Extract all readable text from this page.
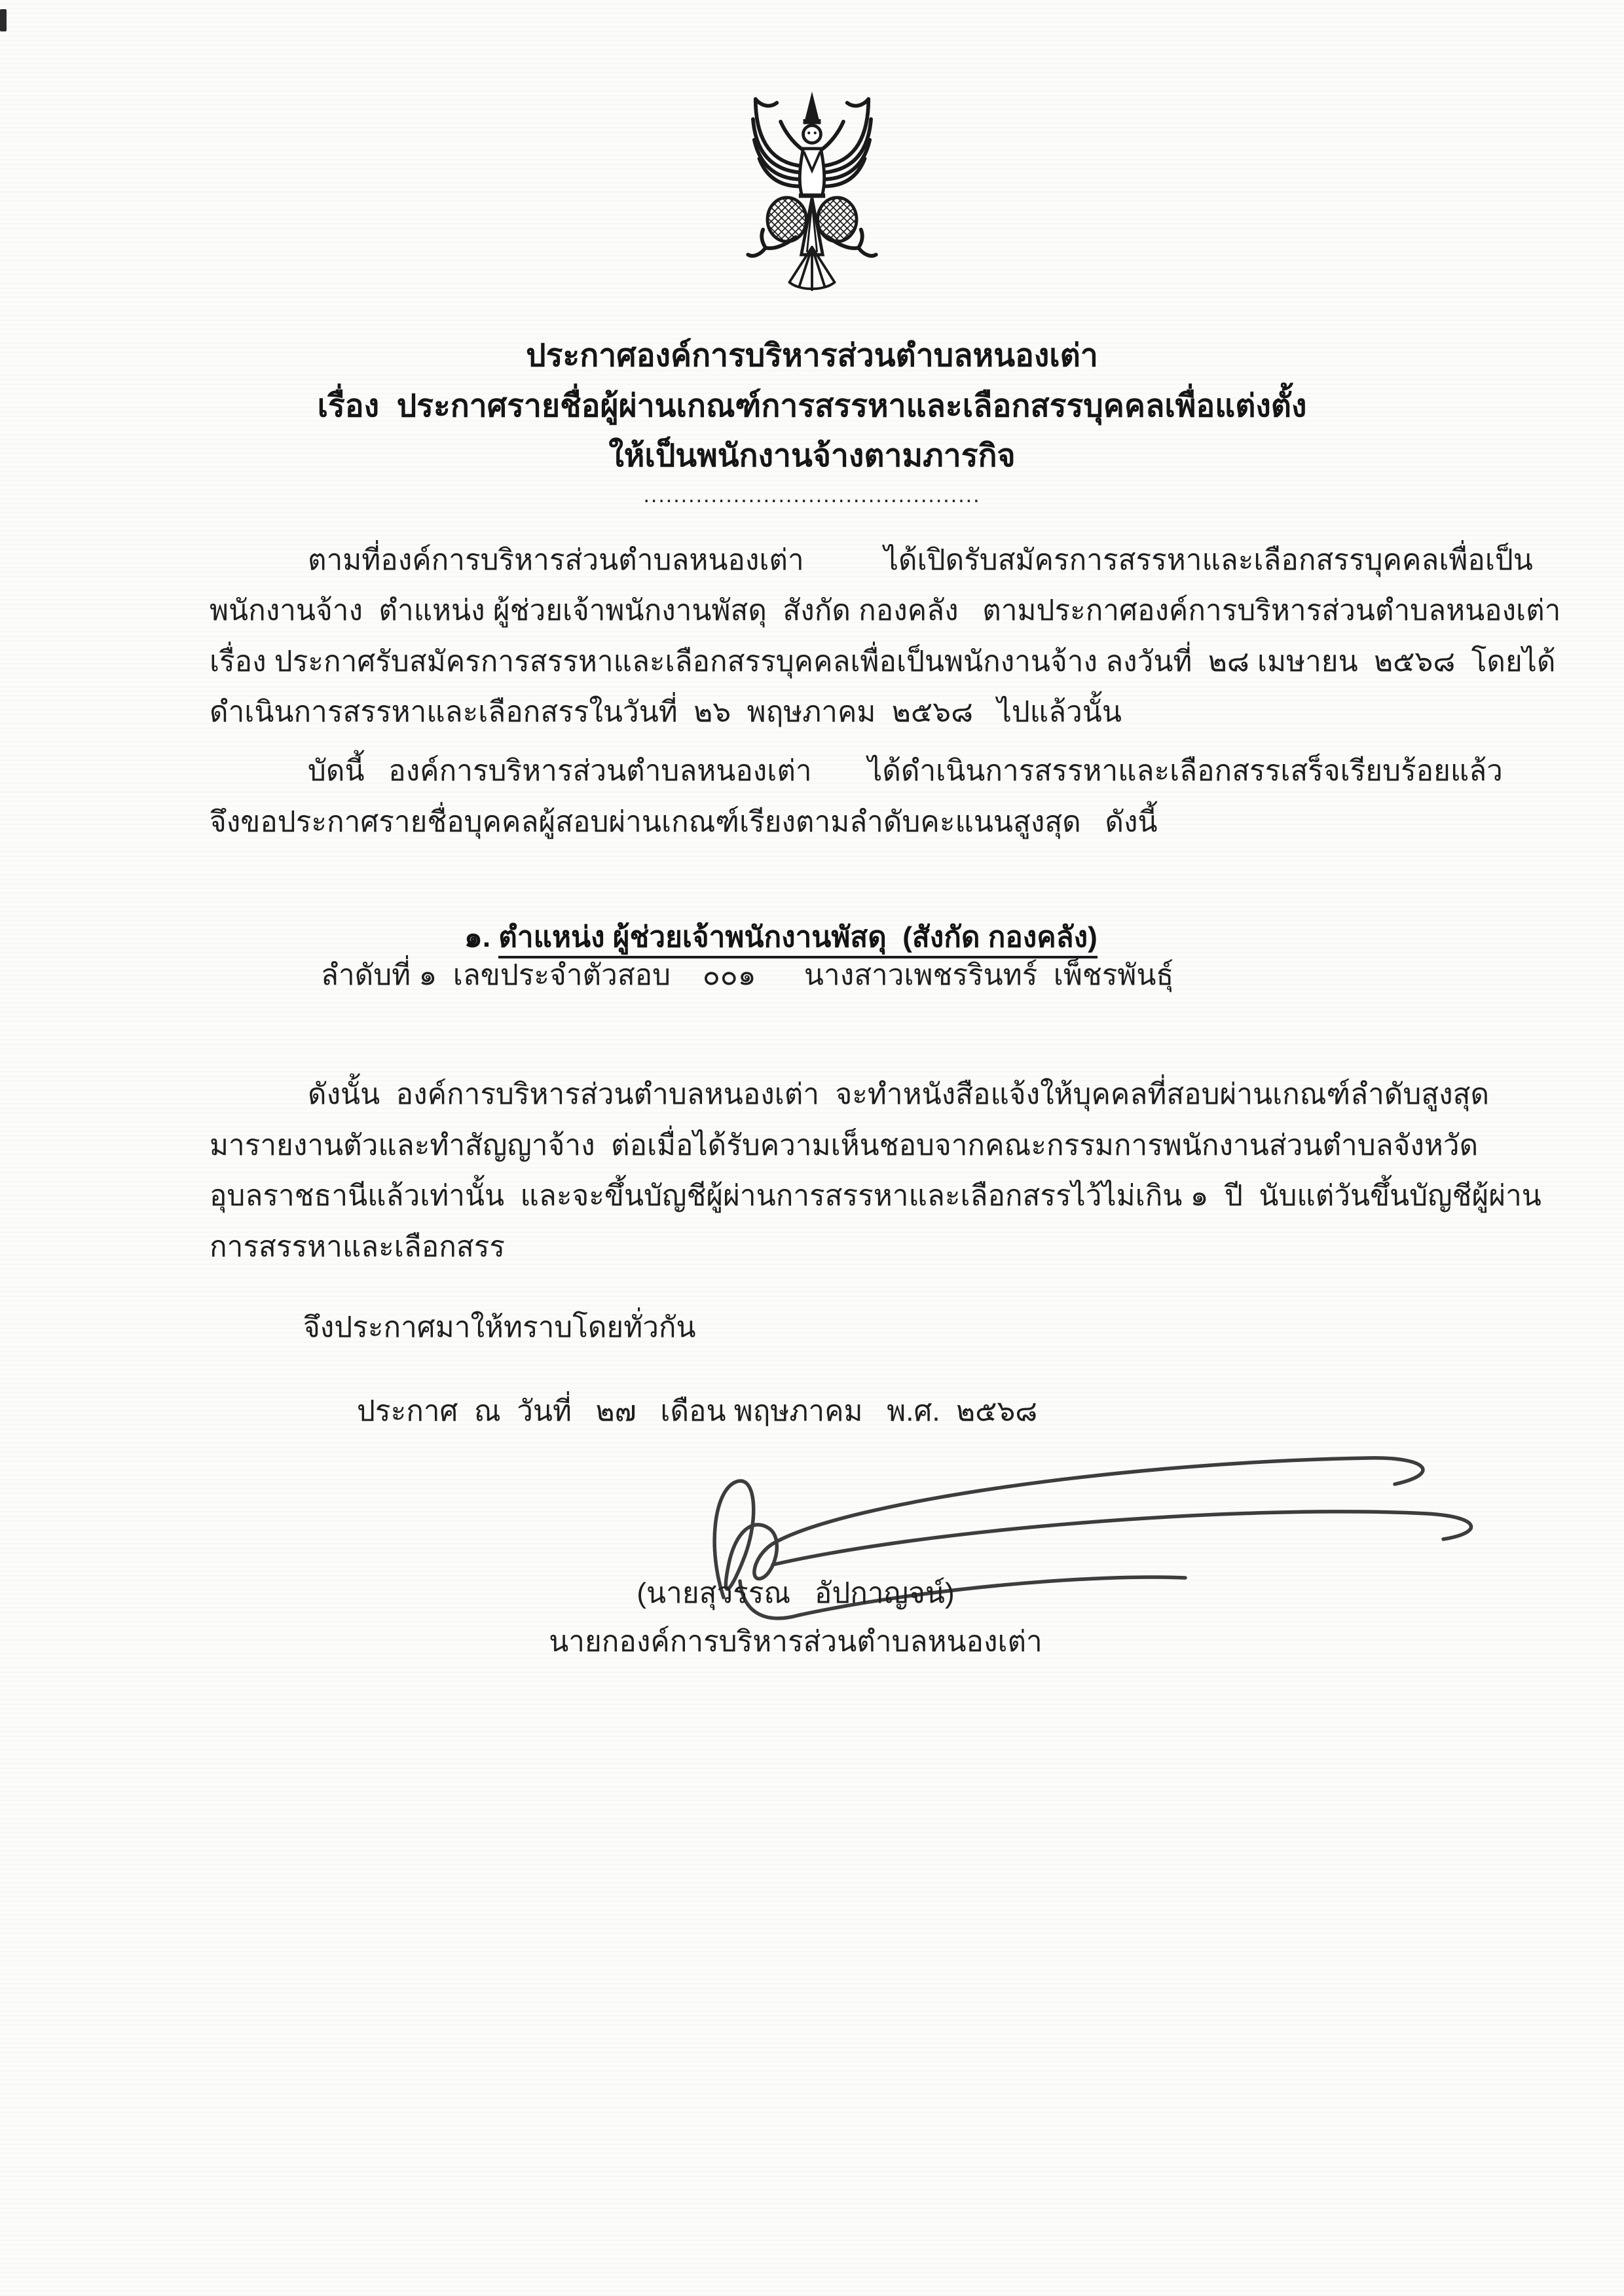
ประกาศองค์การบริหารส่วนตำบลหนองเต่า
เรื่อง  ประกาศรายชื่อผู้ผ่านเกณฑ์การสรรหาและเลือกสรรบุคคลเพื่อแต่งตั้ง
ให้เป็นพนักงานจ้างตามภารกิจ
.............................................
ตามที่องค์การบริหารส่วนตำบลหนองเต่า          ได้เปิดรับสมัครการสรรหาและเลือกสรรบุคคลเพื่อเป็น
พนักงานจ้าง  ตำแหน่ง ผู้ช่วยเจ้าพนักงานพัสดุ  สังกัด กองคลัง   ตามประกาศองค์การบริหารส่วนตำบลหนองเต่า
เรื่อง ประกาศรับสมัครการสรรหาและเลือกสรรบุคคลเพื่อเป็นพนักงานจ้าง ลงวันที่  ๒๘ เมษายน  ๒๕๖๘  โดยได้
ดำเนินการสรรหาและเลือกสรรในวันที่  ๒๖  พฤษภาคม  ๒๕๖๘   ไปแล้วนั้น
บัดนี้   องค์การบริหารส่วนตำบลหนองเต่า       ได้ดำเนินการสรรหาและเลือกสรรเสร็จเรียบร้อยแล้ว
จึงขอประกาศรายชื่อบุคคลผู้สอบผ่านเกณฑ์เรียงตามลำดับคะแนนสูงสุด   ดังนี้

๑. ตำแหน่ง ผู้ช่วยเจ้าพนักงานพัสดุ  (สังกัด กองคลัง)

ลำดับที่ ๑  เลขประจำตัวสอบ    ๐๐๑      นางสาวเพชรรินทร์  เพ็ชรพันธุ์
ดังนั้น  องค์การบริหารส่วนตำบลหนองเต่า  จะทำหนังสือแจ้งให้บุคคลที่สอบผ่านเกณฑ์ลำดับสูงสุด
มารายงานตัวและทำสัญญาจ้าง  ต่อเมื่อได้รับความเห็นชอบจากคณะกรรมการพนักงานส่วนตำบลจังหวัด
อุบลราชธานีแล้วเท่านั้น  และจะขึ้นบัญชีผู้ผ่านการสรรหาและเลือกสรรไว้ไม่เกิน ๑  ปี  นับแต่วันขึ้นบัญชีผู้ผ่าน
การสรรหาและเลือกสรร
จึงประกาศมาให้ทราบโดยทั่วกัน
ประกาศ  ณ  วันที่   ๒๗   เดือน พฤษภาคม   พ.ศ.  ๒๕๖๘
(นายสุวรรณ   อัปกาญจน์)
นายกองค์การบริหารส่วนตำบลหนองเต่า
